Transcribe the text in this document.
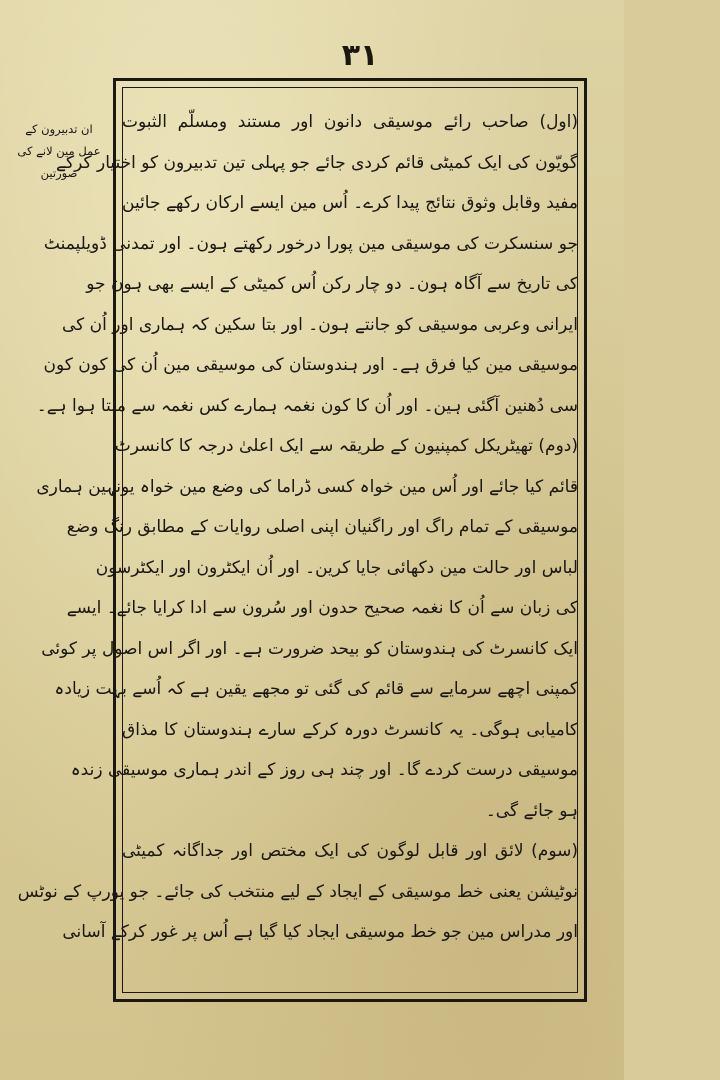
۳۱
ان تدبیرون کے عمل مین لانے کی صورتین
(اول) صاحب رائے موسیقی دانون اور مستند ومسلّم الثبوت
گویّون کی ایک کمیٹی قائم کردی جائے جو پہلی تین تدبیرون کو اختیار کرکے
مفید وقابل وثوق نتائج پیدا کرے۔ اُس مین ایسے ارکان رکھے جائین
جو سنسکرت کی موسیقی مین پورا درخور رکھتے ہون۔ اور تمدنی ڈویلپمنٹ
کی تاریخ سے آگاہ ہون۔ دو چار رکن اُس کمیٹی کے ایسے بھی ہون جو
ایرانی وعربی موسیقی کو جانتے ہون۔ اور بتا سکین کہ ہماری اور اُن کی
موسیقی مین کیا فرق ہے۔ اور ہندوستان کی موسیقی مین اُن کی کون کون
سی دُھنین آگئی ہین۔ اور اُن کا کون نغمہ ہمارے کس نغمہ سے ملتا ہوا ہے۔
(دوم) تھیٹریکل کمپنیون کے طریقہ سے ایک اعلیٰ درجہ کا کانسرٹ
قائم کیا جائے اور اُس مین خواہ کسی ڈراما کی وضع مین خواہ یونہین ہماری
موسیقی کے تمام راگ اور راگنیان اپنی اصلی روایات کے مطابق رنگ وضع
لباس اور حالت مین دکھائی جایا کرین۔ اور اُن ایکٹرون اور ایکٹرسون
کی زبان سے اُن کا نغمہ صحیح حدون اور سُرون سے ادا کرایا جائے۔ ایسے
ایک کانسرٹ کی ہندوستان کو بیحد ضرورت ہے۔ اور اگر اس اصول پر کوئی
کمپنی اچھے سرمایے سے قائم کی گئی تو مجھے یقین ہے کہ اُسے بہت زیادہ
کامیابی ہوگی۔ یہ کانسرٹ دورہ کرکے سارے ہندوستان کا مذاق
موسیقی درست کردے گا۔ اور چند ہی روز کے اندر ہماری موسیقی زندہ
ہو جائے گی۔
(سوم) لائق اور قابل لوگون کی ایک مختص اور جداگانہ کمیٹی
نوٹیشن یعنی خط موسیقی کے ایجاد کے لیے منتخب کی جائے۔ جو یورپ کے نوٹس
اور مدراس مین جو خط موسیقی ایجاد کیا گیا ہے اُس پر غور کرکے آسانی
